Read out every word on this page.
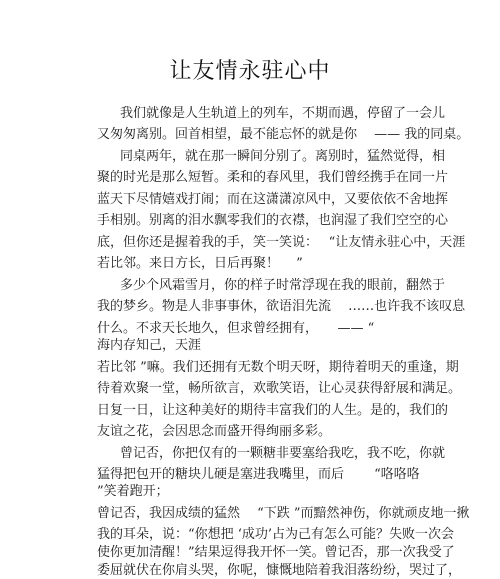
让友情永驻心中
我们就像是人生轨道上的列车，不期而遇，停留了一会儿
又匆匆离别。回首相望，最不能忘怀的就是你　 —— 我的同桌。
同桌两年，就在那一瞬间分别了。离别时，猛然觉得，相
聚的时光是那么短暂。柔和的春风里，我们曾经携手在同一片
蓝天下尽情嬉戏打闹；而在这潇潇凉风中，又要依依不舍地挥
手相别。别离的泪水飘零我们的衣襟，也润湿了我们空空的心
底，但你还是握着我的手，笑一笑说：　 “让友情永驻心中，天涯
若比邻。来日方长，日后再聚！　 ”
多少个风霜雪月，你的样子时常浮现在我的眼前，翻然于
我的梦乡。物是人非事事休，欲语泪先流　 ……也许我不该叹息
什么。不求天长地久，但求曾经拥有，　　—— “
海内存知己，天涯
若比邻 ”嘛。我们还拥有无数个明天呀，期待着明天的重逢，期
待着欢聚一堂，畅所欲言，欢歌笑语，让心灵获得舒展和满足。
日复一日，让这种美好的期待丰富我们的人生。是的，我们的
友谊之花，会因思念而盛开得绚丽多彩。
曾记否，你把仅有的一颗糖非要塞给我吃，我不吃，你就
猛得把包开的糖块儿硬是塞进我嘴里，而后　　 “咯咯咯
”笑着跑开；
曾记否，我因成绩的猛然　 “下跌 ”而黯然神伤，你就顽皮地一揪
我的耳朵，说：“你想把 ‘成功’占为己有怎么可能？失败一次会
使你更加清醒！”结果逗得我开怀一笑。曾记否，那一次我受了
委屈就伏在你肩头哭，你呢，慷慨地陪着我泪落纷纷，哭过了，
